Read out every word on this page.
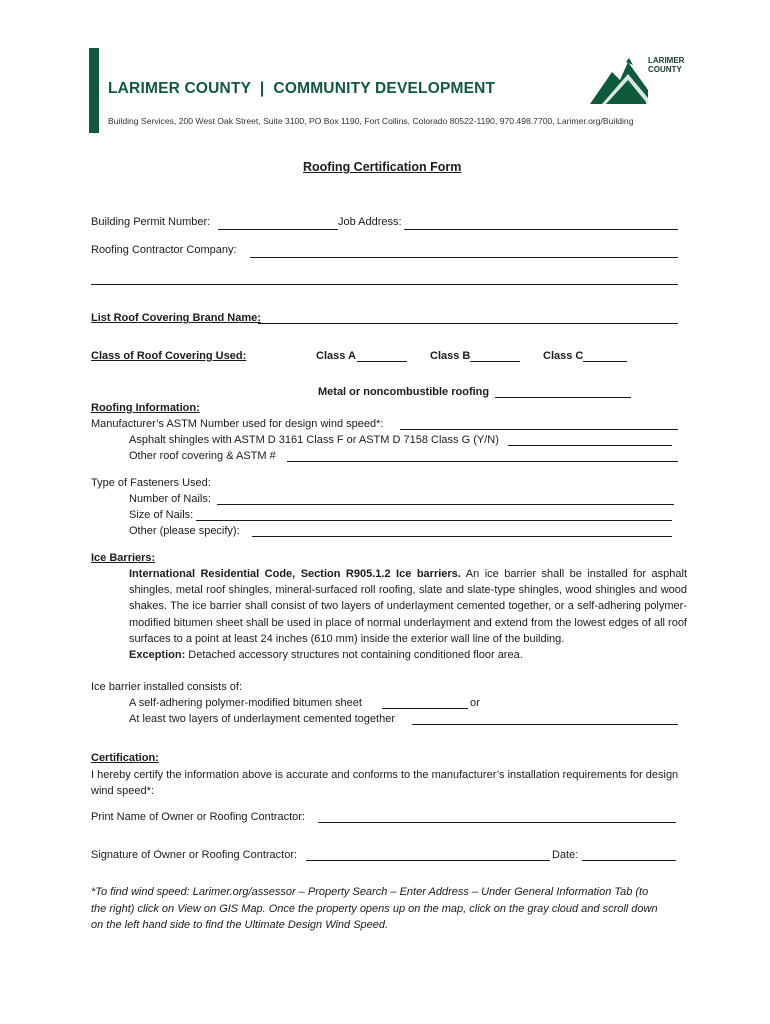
LARIMER COUNTY  |  COMMUNITY DEVELOPMENT
Building Services, 200 West Oak Street, Suite 3100, PO Box 1190, Fort Collins, Colorado 80522-1190, 970.498.7700, Larimer.org/Building
LARIMER
COUNTY
Roofing Certification Form
Building Permit Number:	Job Address:
Roofing Contractor Company:
List Roof Covering Brand Name:
Class of Roof Covering Used:	Class A	Class B	Class C
Metal or noncombustible roofing
Roofing Information:
Manufacturer’s ASTM Number used for design wind speed*:
Asphalt shingles with ASTM D 3161 Class F or ASTM D 7158 Class G (Y/N)
Other roof covering & ASTM #
Type of Fasteners Used:
Number of Nails:
Size of Nails:
Other (please specify):
Ice Barriers:
International Residential Code, Section R905.1.2 Ice barriers. An ice barrier shall be installed for asphalt shingles, metal roof shingles, mineral-surfaced roll roofing, slate and slate-type shingles, wood shingles and wood shakes. The ice barrier shall consist of two layers of underlayment cemented together, or a self-adhering polymer-modified bitumen sheet shall be used in place of normal underlayment and extend from the lowest edges of all roof surfaces to a point at least 24 inches (610 mm) inside the exterior wall line of the building.
Exception: Detached accessory structures not containing conditioned floor area.
Ice barrier installed consists of:
A self-adhering polymer-modified bitumen sheet	or
At least two layers of underlayment cemented together
Certification:
I hereby certify the information above is accurate and conforms to the manufacturer’s installation requirements for design wind speed*:
Print Name of Owner or Roofing Contractor:
Signature of Owner or Roofing Contractor:	Date:
*To find wind speed: Larimer.org/assessor – Property Search – Enter Address – Under General Information Tab (to the right) click on View on GIS Map. Once the property opens up on the map, click on the gray cloud and scroll down on the left hand side to find the Ultimate Design Wind Speed.
